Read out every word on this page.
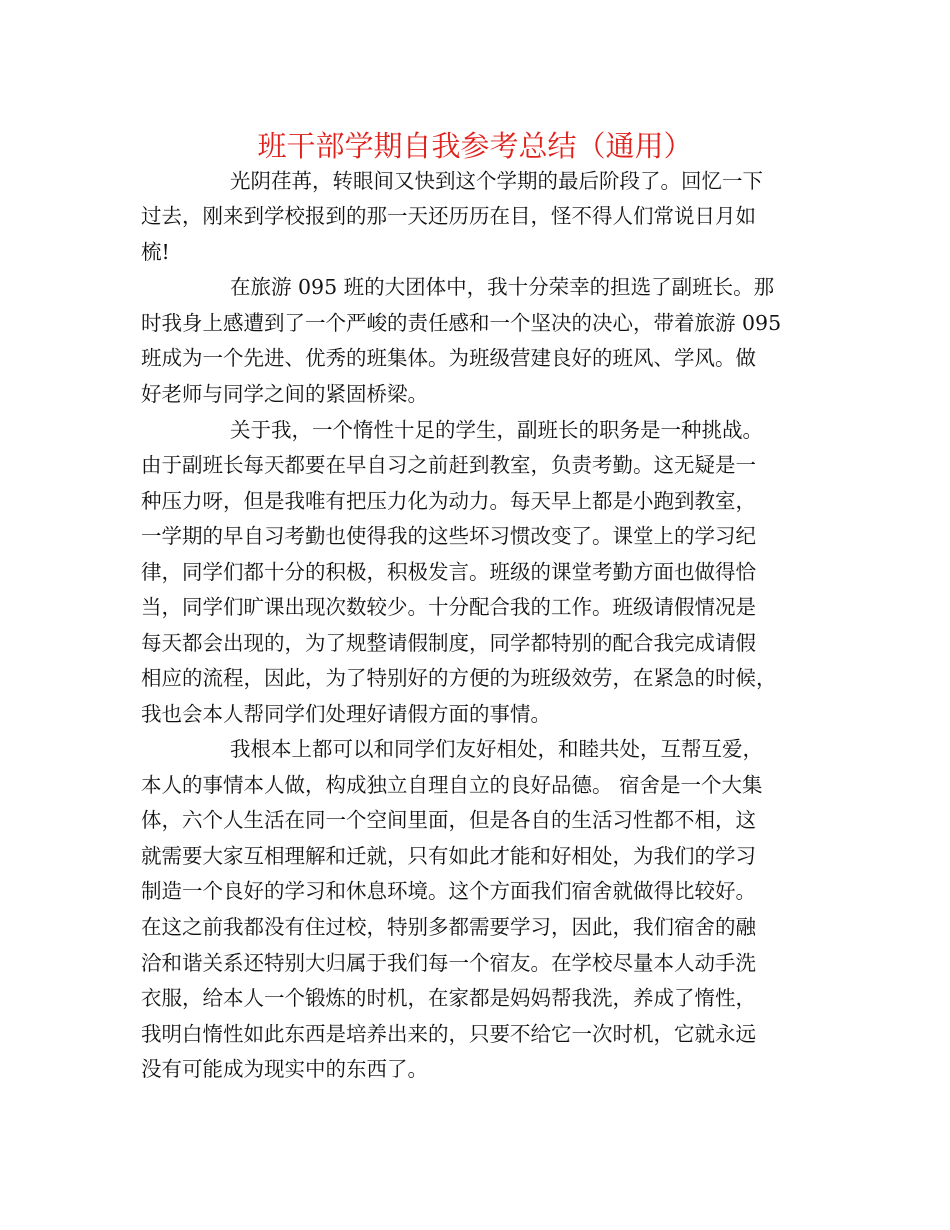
班干部学期自我参考总结（通用）
光阴荏苒，转眼间又快到这个学期的最后阶段了。回忆一下
过去，刚来到学校报到的那一天还历历在目，怪不得人们常说日月如
梳!
在旅游 095 班的大团体中，我十分荣幸的担选了副班长。那
时我身上感遭到了一个严峻的责任感和一个坚决的决心，带着旅游 095
班成为一个先进、优秀的班集体。为班级营建良好的班风、学风。做
好老师与同学之间的紧固桥梁。
关于我，一个惰性十足的学生，副班长的职务是一种挑战。
由于副班长每天都要在早自习之前赶到教室，负责考勤。这无疑是一
种压力呀，但是我唯有把压力化为动力。每天早上都是小跑到教室，
一学期的早自习考勤也使得我的这些坏习惯改变了。课堂上的学习纪
律，同学们都十分的积极，积极发言。班级的课堂考勤方面也做得恰
当，同学们旷课出现次数较少。十分配合我的工作。班级请假情况是
每天都会出现的，为了规整请假制度，同学都特别的配合我完成请假
相应的流程，因此，为了特别好的方便的为班级效劳，在紧急的时候，
我也会本人帮同学们处理好请假方面的事情。
我根本上都可以和同学们友好相处，和睦共处，互帮互爱，
本人的事情本人做，构成独立自理自立的良好品德。 宿舍是一个大集
体，六个人生活在同一个空间里面，但是各自的生活习性都不相，这
就需要大家互相理解和迁就，只有如此才能和好相处，为我们的学习
制造一个良好的学习和休息环境。这个方面我们宿舍就做得比较好。
在这之前我都没有住过校，特别多都需要学习，因此，我们宿舍的融
洽和谐关系还特别大归属于我们每一个宿友。在学校尽量本人动手洗
衣服，给本人一个锻炼的时机，在家都是妈妈帮我洗，养成了惰性，
我明白惰性如此东西是培养出来的，只要不给它一次时机，它就永远
没有可能成为现实中的东西了。
